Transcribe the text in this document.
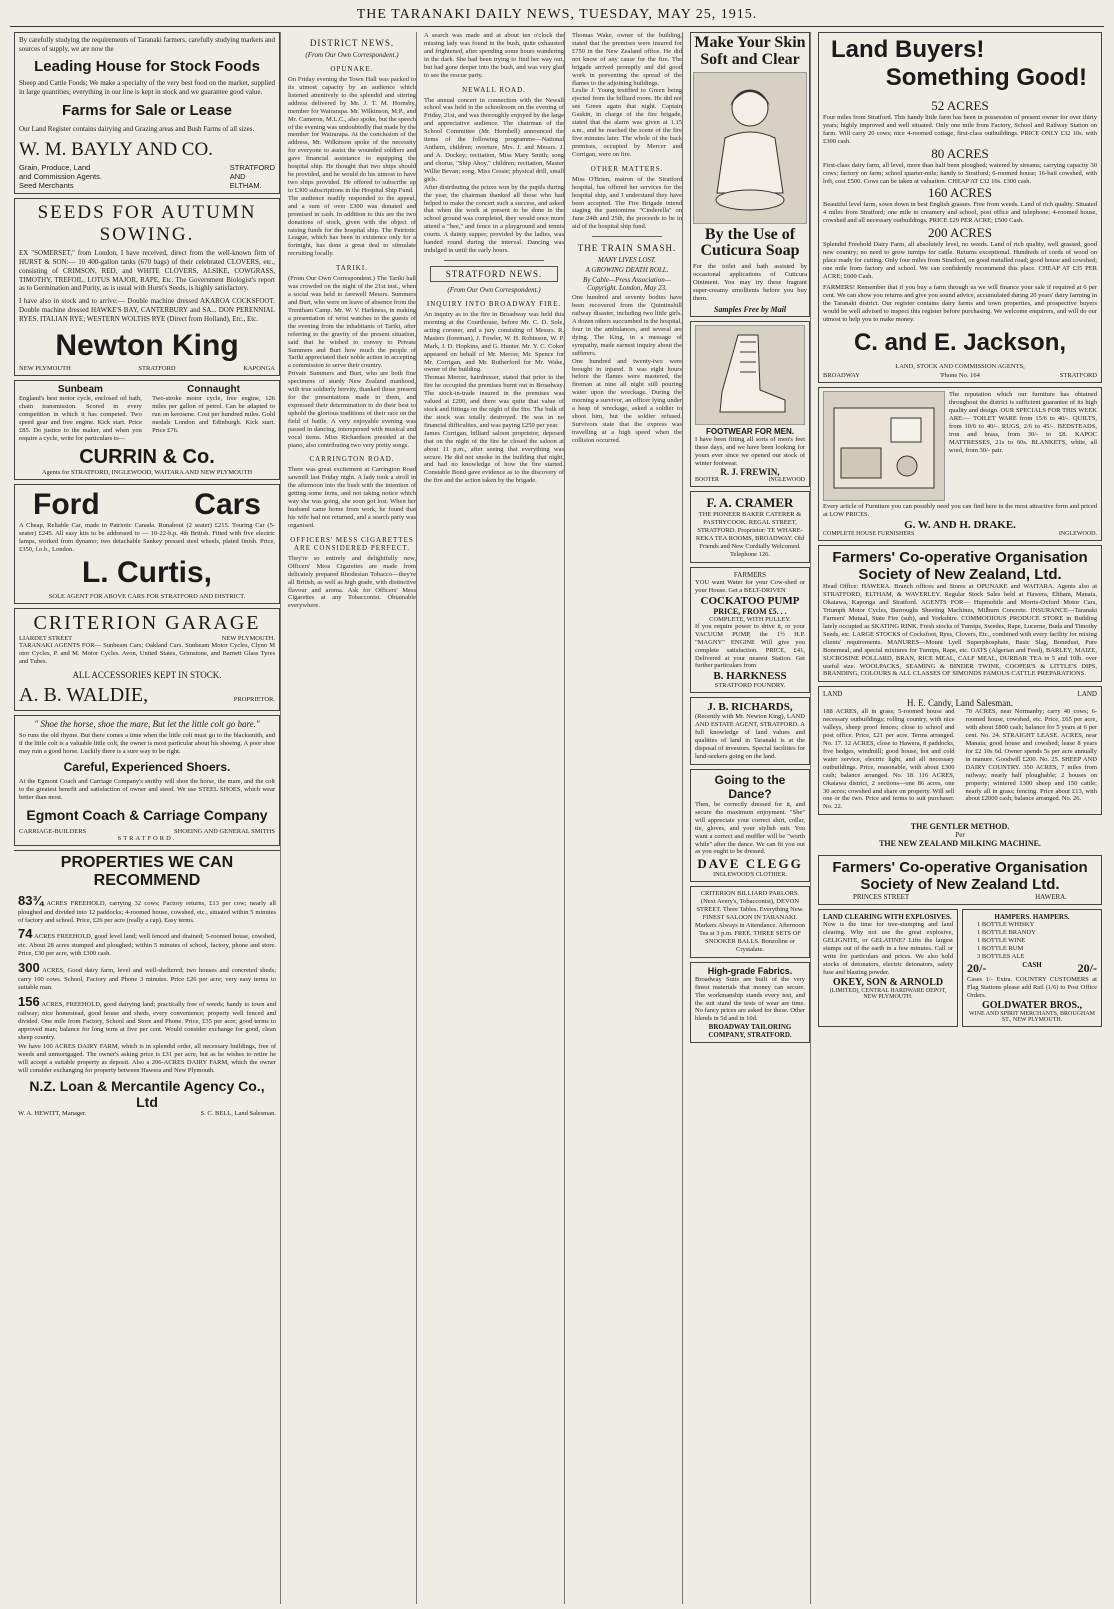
THE TARANAKI DAILY NEWS, TUESDAY, MAY 25, 1915.
By carefully studying the requirements of Taranaki farmers, carefully studying markets and sources of supply, we are now the
Leading House for Stock Foods
Sheep and Cattle Foods; We make a specialty of the very best food on the market, supplied in large quantities; everything in our line is kept in stock and we guarantee good value.
Farms for Sale or Lease
Our Land Register contains dairying and Grazing areas and Bush Farms of all sizes.
W. M. BAYLY AND CO.
Grain, Produce, Land
and Commission Agents.
Seed Merchants
STRATFORD
AND
ELTHAM.
SEEDS FOR AUTUMN
SOWING.
EX "SOMERSET," from London, I have received, direct from the well-known firm of HURST & SON:— 10 400-gallon tanks (670 bags) of their celebrated CLOVERS, etc., consisting of CRIMSON, RED, and WHITE CLOVERS, ALSIKE, COWGRASS, TIMOTHY, TREFOIL, LOTUS MAJOR, RAPE, Etc. The Government Biologist's report as to Germination and Purity, as is usual with Hurst's Seeds, is highly satisfactory.
I have also in stock and to arrive:— Double machine dressed AKAROA COCKSFOOT. Double machine dressed HAWKE'S BAY, CANTERBURY and SA... DON PERENNIAL RYES. ITALIAN RYE; WESTERN WOLTHS RYE (Direct from Holland), Etc., Etc.
Newton King
NEW PLYMOUTH	STRATFORD	KAPONGA
Sunbeam
England's best motor cycle, enclosed oil bath, chain transmission. Scored in every competition in which it has competed. Two speed gear and free engine. Kick start. Price £85. Do justice to the maker, and when you require a cycle, write for particulars to—
Connaught
Two-stroke motor cycle, free engine, 126 miles per gallon of petrol. Can be adapted to run on kerosene. Cost per hundred miles. Gold medals London and Edinburgh. Kick start. Price £76.
CURRIN & Co.
Agents for STRATFORD, INGLEWOOD, WAITARA AND NEW PLYMOUTH
Ford	Cars
A Cheap, Reliable Car, made in Patriotic Canada. Runabout (2 seater) £215. Touring Car (5-seater) £245. All easy kits to be addressed to — 10-22-h.p. 4th British. Fitted with five electric lamps, worked from dynamo; two detachable Sankey pressed steel wheels, plated finish. Price, £350, f.o.b., London.
L. Curtis,
SOLE AGENT FOR ABOVE CARS FOR STRATFORD AND DISTRICT.
CRITERION GARAGE
LIARDET STREET	NEW PLYMOUTH.
TARANAKI AGENTS FOR— Sunbeam Cars; Oakland Cars. Sunbeam Motor Cycles, Clyno M otor Cycles, P. and M. Motor Cycles. Avon, United States, Grimstone, and Barnett Glass Tyres and Tubes.
ALL ACCESSORIES KEPT IN STOCK.
A. B. WALDIE,	PROPRIETOR.
" Shoe the horse, shoe the mare, But let the little colt go bare."
So runs the old rhyme. But there comes a time when the little colt must go to the blacksmith, and if the little colt is a valuable little colt, the owner is most particular about his shoeing. A poor shoe may ruin a good horse. Luckily there is a sure way to be right.
Careful, Experienced Shoers.
At the Egmont Coach and Carriage Company's smithy will shoe the horse, the mare, and the colt to the greatest benefit and satisfaction of owner and steed. We use STEEL SHOES, which wear better than most.
Egmont Coach & Carriage Company
CARRIAGE-BUILDERS	SHOEING AND GENERAL SMITHS
STRATFORD.
PROPERTIES WE CAN RECOMMEND
83¾ ACRES FREEHOLD, carrying 32 cows; Factory returns, £13 per cow; nearly all ploughed and divided into 12 paddocks; 4-roomed house, cowshed, etc., situated within 5 minutes of factory and school. Price, £26 per acre (really a cap). Easy terms.
74 ACRES FREEHOLD, good level land; well fenced and drained; 5-roomed house, cowshed, etc. About 28 acres stumped and ploughed; within 5 minutes of school, factory, phone and store. Price, £30 per acre, with £300 cash.
300 ACRES, Good dairy farm, level and well-sheltered; two houses and concreted sheds; carry 100 cows. School, Factory and Phone 3 minutes. Price £26 per acre; very easy terms to suitable man.
156 ACRES, FREEHOLD, good dairying land; practically free of weeds; handy to town and railway; nice homestead, good house and sheds, every convenience; property well fenced and divided. One mile from Factory, School and Store and Phone. Price, £35 per acre; good terms to approved man; balance for long term at five per cent. Would consider exchange for good, clean sheep country.
We have 100 ACRES DAIRY FARM, which is in splendid order, all necessary buildings, free of weeds and unmortgaged. The owner's asking price is £31 per acre, but as he wishes to retire he will accept a suitable property as deposit. Also a 206-ACRES DAIRY FARM, which the owner will consider exchanging for property between Hawera and New Plymouth.
N.Z. Loan & Mercantile Agency Co., Ltd
W. A. HEWITT, Manager.	S. C. BELL, Land Salesman.
DISTRICT NEWS.
(From Our Own Correspondent.)
OPUNAKE.
On Friday evening the Town Hall was packed to its utmost capacity by an audience which listened attentively to the splendid and stirring address delivered by Mr. J. T. M. Hornsby, member for Wairarapa. Mr. Wilkinson, M.P., and Mr. Cameron, M.L.C., also spoke, but the speech of the evening was undoubtedly that made by the member for Wairarapa. At the conclusion of the address, Mr. Wilkinson spoke of the necessity for everyone to assist the wounded soldiers and gave financial assistance to equipping the hospital ship. He thought that two ships should be provided, and he would do his utmost to have two ships provided. He offered to subscribe up to £300 subscriptions in the Hospital Ship Fund.
The audience readily responded to the appeal, and a sum of over £300 was donated and promised in cash. In addition to this are the two donations of stock, given with the object of raising funds for the hospital ship. The Patriotic League, which has been in existence only for a fortnight, has done a great deal to stimulate recruiting locally.
TARIKI.
(From Our Own Correspondent.) The Tariki hall was crowded on the night of the 21st inst., when a social was held to farewell Messrs. Summers and Burt, who were on leave of absence from the Trentham Camp. Mr. W. V. Harkness, in making a presentation of wrist watches to the guests of the evening from the inhabitants of Tariki, after referring to the gravity of the present situation, said that he wished to convey to Private Summers and Burt how much the people of Tariki appreciated their noble action in accepting a commission to serve their country.
Private Summers and Burt, who are both fine specimens of sturdy New Zealand manhood, with true soldierly brevity, thanked those present for the presentations made to them, and expressed their determination to do their best to uphold the glorious traditions of their race on the field of battle. A very enjoyable evening was passed in dancing, interspersed with musical and vocal items. Miss Richardson presided at the piano, also contributing two very pretty songs.
CARRINGTON ROAD.
There was great excitement at Carrington Road sawmill last Friday night. A lady took a stroll in the afternoon into the bush with the intention of getting some ferns, and not taking notice which way she was going, she soon got lost. When her husband came home from work, he found that his wife had not returned, and a search party was organised.
OFFICERS' MESS CIGARETTES ARE CONSIDERED PERFECT.
They're so entirely and delightfully new, Officers' Mess Cigarettes are made from delicately prepared Rhodesian Tobacco—they're all British, as well as high grade, with distinctive flavour and aroma. Ask for Officers' Mess Cigarettes at any Tobacconist. Obtainable everywhere.
A search was made and at about ten o'clock the missing lady was found in the bush, quite exhausted and frightened, after spending some hours wandering in the dark. She had been trying to find her way out, but had gone deeper into the bush, and was very glad to see the rescue party.
NEWALL ROAD.
The annual concert in connection with the Newall school was held in the schoolroom on the evening of Friday, 21st, and was thoroughly enjoyed by the large and appreciative audience. The chairman of the School Committee (Mr. Hornbell) announced the items of the following programme—National Anthem, children; overture, Mrs. J. and Messrs. J. and A. Dockey; recitation, Miss Mary Smith; song and chorus, "Ship Ahoy," children; recitation, Master Willie Bevan; song, Miss Cessie; physical drill, small girls.
After distributing the prizes won by the pupils during the year, the chairman thanked all those who had helped to make the concert such a success, and asked that when the work at present to be done in the school ground was completed, they would once more attend a "bee," and fence in a playground and tennis courts. A dainty supper, provided by the ladies, was handed round during the interval. Dancing was indulged in until the early hours.
STRATFORD NEWS.
(From Our Own Correspondent.)
INQUIRY INTO BROADWAY FIRE.
An inquiry as to the fire in Broadway was held this morning at the Courthouse, before Mr. C. D. Sole, acting coroner, and a jury consisting of Messrs. R. Masters (foreman), J. Fowler, W. H. Robinson, W. P. Mark, J. D. Hopkins, and G. Hunter. Mr. Y. C. Coker appeared on behalf of Mr. Mercer, Mr. Spence for Mr. Corrigan, and Mr. Rutherford for Mr. Wake, owner of the building.
Thomas Mercer, hairdresser, stated that prior to the fire he occupied the premises burnt out in Broadway. The stock-in-trade insured in the premises was valued at £200, and there was quite that value of stock and fittings on the night of the fire. The bulk of the stock was totally destroyed. He was in no financial difficulties, and was paying £250 per year.
James Corrigan, billiard saloon proprietor, deposed that on the night of the fire he closed the saloon at about 11 p.m., after seeing that everything was secure. He did not smoke in the building that night, and had no knowledge of how the fire started. Constable Bond gave evidence as to the discovery of the fire and the action taken by the brigade.
Thomas Wake, owner of the building, stated that the premises were insured for £750 in the New Zealand office. He did not know of any cause for the fire. The brigade arrived promptly and did good work in preventing the spread of the flames to the adjoining buildings.
Leslie J. Young testified to Green being ejected from the billiard room. He did not see Green again that night. Captain Gaskin, in charge of the fire brigade, stated that the alarm was given at 1.15 a.m., and he reached the scene of the fire five minutes later. The whole of the back premises, occupied by Mercer and Corrigan, were on fire.
OTHER MATTERS.
Miss O'Brien, matron of the Stratford hospital, has offered her services for the hospital ship, and I understand they have been accepted. The Fire Brigade intend staging the pantomime "Cinderella" on June 24th and 25th, the proceeds to be in aid of the hospital ship fund.
THE TRAIN SMASH.
MANY LIVES LOST.
A GROWING DEATH ROLL.
By Cable—Press Association—Copyright. London, May 23.
One hundred and seventy bodies have been recovered from the Quintinshill railway disaster, including two little girls. A dozen others succumbed in the hospital, four in the ambulances, and several are dying. The King, in a message of sympathy, made earnest inquiry about the sufferers.
One hundred and twenty-two were brought in injured. It was eight hours before the flames were mastered, the fireman at nine all night still pouring water upon the wreckage. During the morning a survivor, an officer lying under a heap of wreckage, asked a soldier to shoot him, but the soldier refused. Survivors state that the express was travelling at a high speed when the collision occurred.
Make Your Skin Soft and Clear
By the Use of Cuticura Soap
For the toilet and bath assisted by occasional applications of Cuticura Ointment. You may try these fragrant super-creamy emollients before you buy them.
Samples Free by Mail
FOOTWEAR FOR MEN.
I have been fitting all sorts of men's feet these days, and we have been looking for yours ever since we opened our stock of winter footwear.
R. J. FREWIN,
BOOTER	INGLEWOOD
F. A. CRAMER
THE PIONEER BAKER CATERER & PASTRYCOOK. REGAL STREET, STRATFORD. Proprietor: TE WHARE-REKA TEA ROOMS, BROADWAY. Old Friends and New Cordially Welcomed. Telephone 126.
FARMERS
YOU want Water for your Cow-shed or your House. Get a BELT-DRIVEN
COCKATOO PUMP
PRICE, FROM £5. . .
COMPLETE, WITH PULLEY.
If you require power to drive it, or your VACUUM PUMP, the 1½ H.P. "MAGNY" ENGINE Will give you complete satisfaction. PRICE, £41, Delivered at your nearest Station. Get further particulars from
B. HARKNESS
STRATFORD FOUNDRY.
J. B. RICHARDS,
(Recently with Mr. Newton King), LAND AND ESTATE AGENT, STRATFORD. A full knowledge of land values and qualities of land in Taranaki is at the disposal of investors. Special facilities for land-seekers going on the land.
Going to the Dance?
Then, be correctly dressed for it, and secure the maximum enjoyment. "She" will appreciate your correct shirt, collar, tie, gloves, and your stylish suit. You want a correct and muffler will be "worth while" after the dance. We can fit you out as you ought to be dressed.
DAVE CLEGG
INGLEWOOD'S CLOTHIER.
CRITERION BILLIARD PARLORS. (Next Avery's, Tobacconist), DEVON STREET. Three Tables. Everything New. FINEST SALOON IN TARANAKI. Markers Always in Attendance. Afternoon Tea at 3 p.m. FREE. THREE SETS OF SNOOKER BALLS. Bonzoline or Crystalate.
High-grade Fabrics.
Broadway Suits are built of the very finest materials that money can secure. The workmanship stands every test, and the suit stand the tests of wear are time. No fancy prices are asked for these. Other blends in 5d and in 10d.
BROADWAY TAILORING COMPANY, STRATFORD.
Land Buyers!
Something Good!
52 ACRES
Four miles from Stratford. This handy little farm has been in possession of present owner for over thirty years; highly improved and well situated. Only one mile from Factory, School and Railway Station on farm. Will carry 20 cows; nice 4-roomed cottage, first-class outbuildings. PRICE ONLY £32 10s. with £300 cash.
80 ACRES
First-class dairy farm, all level, more than half been ploughed; watered by streams; carrying capacity 30 cows; factory on farm; school quarter-mile; handy to Stratford; 6-roomed house; 16-bail cowshed, with loft, cost £500. Cows can be taken at valuation. CHEAP AT £32 10s. £300 cash.
160 ACRES
Beautiful level farm, sown down in best English grasses. Free from weeds. Land of rich quality. Situated 4 miles from Stratford; one mile to creamery and school, post office and telephone; 4-roomed house, cowshed and all necessary outbuildings. PRICE £29 PER ACRE; £500 Cash.
200 ACRES
Splendid Freehold Dairy Farm, all absolutely level, no weeds. Land of rich quality, well grassed, good new country; no need to grow turnips for cattle. Returns exceptional. Hundreds of cords of wood on place ready for cutting. Only four miles from Stratford, on good metalled road; good house and cowshed; one mile from factory and school. We can confidently recommend this place. CHEAP AT £35 PER ACRE; £600 Cash.
FARMERS! Remember that if you buy a farm through us we will finance your sale if required at 6 per cent. We can show you returns and give you sound advice, accumulated during 20 years' dairy farming in the Taranaki district. Our register contains dairy farms and town properties, and prospective buyers would be well advised to inspect this register before purchasing. We welcome enquirers, and will do our utmost to help you to make money.
C. and E. Jackson,
LAND, STOCK AND COMMISSION AGENTS,
BROADWAY	'Phone No. 164	STRATFORD
The reputation which our furniture has obtained throughout the district is sufficient guarantee of its high quality and design. OUR SPECIALS FOR THIS WEEK ARE:— TOILET WARE from 15/6 to 40/-. QUILTS, from 10/6 to 40/-. RUGS, 2/6 to 45/-. BEDSTEADS, iron and brass, from 30/- to £8. KAPOC MATTRESSES, 21s to 60s. BLANKETS, white, all wool, from 30/- pair.
Every article of Furniture you can possibly need you can find here in the most attractive form and priced at LOW PRICES.
G. W. AND H. DRAKE.
COMPLETE HOUSE FURNISHERS	INGLEWOOD.
Farmers' Co-operative Organisation
Society of New Zealand, Ltd.
Head Office: HAWERA. Branch offices and Stores at OPUNAKE and WAITARA. Agents also at STRATFORD, ELTHAM, & WAVERLEY. Regular Stock Sales held at Hawera, Eltham, Manaia, Okaiawa, Kaponga and Stratford. AGENTS FOR— Hupmobile and Morris-Oxford Motor Cars, Triumph Motor Cycles, Burroughs Sheeting Machines, Milburn Concrete. INSURANCE—Taranaki Farmers' Mutual, State Fire (sub), and Yorkshire. COMMODIOUS PRODUCE STORE in Building lately occupied as SKATING RINK. Fresh stocks of Turnips, Swedes, Rape, Lucerne, Buda and Timothy Seeds, etc. LARGE STOCKS of Cocksfoot, Ryes, Clovers, Etc., combined with every facility for mixing clients' requirements. MANURES—Mount Lyell Superphosphate, Basic Slag, Bonedust, Pure Bonemeal, and special mixtures for Turnips, Rape, etc. OATS (Algerian and Feed), BARLEY, MAIZE, SUCROSINE POLLARD, BRAN, RICE MEAL, CALF MEAL, DURBAR TEA in 5 and 10lb. over useful size. WOOLPACKS, SEAMING & BINDER TWINE, COOPER'S & LITTLE'S DIPS, BRANDING, COLOURS & ALL CLASSES OF SIMONDS FAMOUS CATTLE PREPARATIONS.
LAND	LAND
H. E. Candy, Land Salesman.
188 ACRES, all in grass; 5-roomed house and necessary outbuildings; rolling country, with nice valleys, sheep proof fences; close to school and post office. Price, £21 per acre. Terms arranged. No. 17. 12 ACRES, close to Hawera, 8 paddocks, five hedges, windmill; good house, hot and cold water service, electric light, and all necessary outbuildings. Price, reasonable, with about £300 cash; balance arranged. No. 18. 116 ACRES, Okaiawa district, 2 sections—one 86 acres, one 30 acres; cowshed and share on property. Will sell one or the two. Price and terms to suit purchaser. No. 22.
70 ACRES, near Normanby; carry 40 cows; 6-roomed house, cowshed, etc. Price, £65 per acre, with about £800 cash; balance for 5 years at 6 per cent. No. 24. STRAIGHT LEASE. ACRES, near Manaia; good house and cowshed; lease 8 years for £2 10s 6d. Owner spends 5s per acre annually in manure. Goodwill £200. No. 25. SHEEP AND DAIRY COUNTRY. 350 ACRES, 7 miles from railway; nearly half ploughable; 2 houses on property; wintered 1300 sheep and 150 cattle; nearly all in grass; fencing. Price about £13, with about £2000 cash; balance arranged. No. 26.
THE GENTLER METHOD.
Per
THE NEW ZEALAND MILKING MACHINE.
Farmers' Co-operative Organisation
Society of New Zealand Ltd.
PRINCES STREET	HAWERA.
LAND CLEARING WITH EXPLOSIVES.
Now is the time for tree-stumping and land clearing. Why not use the great explosive, GELIGNITE, or GELATINE? Lifts the largest stumps out of the earth in a few minutes. Call or write for particulars and prices. We also hold stocks of detonators, electric detonators, safety fuse and blasting powder.
OKEY, SON & ARNOLD
(LIMITED), CENTRAL HARDWARE DEPOT, NEW PLYMOUTH.
HAMPERS. HAMPERS.
1 BOTTLE WHISKY
1 BOTTLE BRANDY
1 BOTTLE WINE
1 BOTTLE RUM
3 BOTTLES ALE
20/-	CASH	20/-
Cases 1/- Extra. COUNTRY CUSTOMERS at Flag Stations please add Rail (1/6) to Post Office Orders.
GOLDWATER BROS.,
WINE AND SPIRIT MERCHANTS, BROUGHAM ST., NEW PLYMOUTH.
